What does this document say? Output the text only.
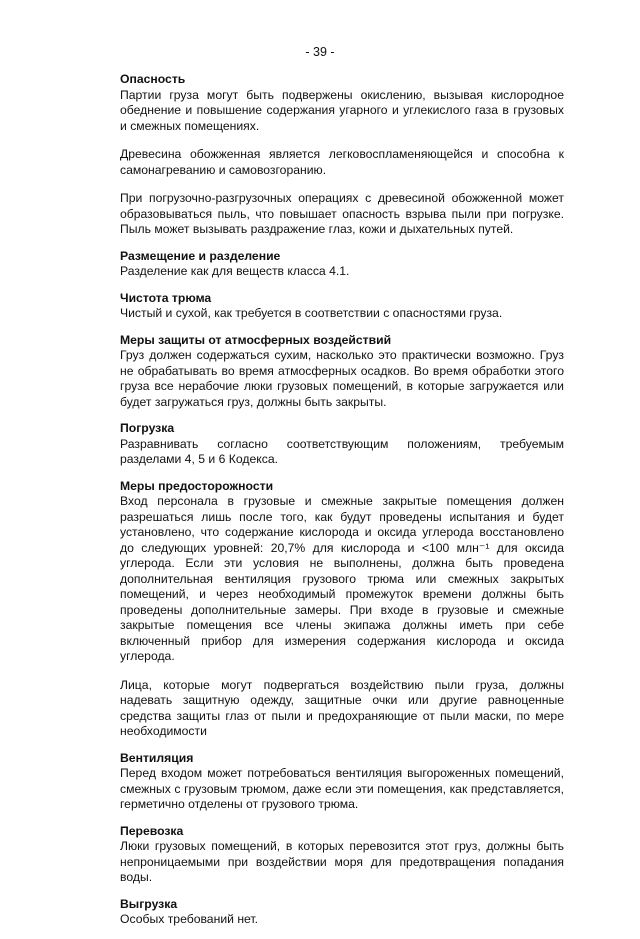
- 39 -
Опасность

Партии груза могут быть подвержены окислению, вызывая кислородное обеднение и повышение содержания угарного и углекислого газа в грузовых и смежных помещениях.

Древесина обожженная является легковоспламеняющейся и способна к самонагреванию и самовозгоранию.

При погрузочно-разгрузочных операциях с древесиной обожженной может образовываться пыль, что повышает опасность взрыва пыли при погрузке. Пыль может вызывать раздражение глаз, кожи и дыхательных путей.

Размещение и разделение

Разделение как для веществ класса 4.1.

Чистота трюма

Чистый и сухой, как требуется в соответствии с опасностями груза.

Меры защиты от атмосферных воздействий

Груз должен содержаться сухим, насколько это практически возможно. Груз не обрабатывать во время атмосферных осадков. Во время обработки этого груза все нерабочие люки грузовых помещений, в которые загружается или будет загружаться груз, должны быть закрыты.

Погрузка

Разравнивать согласно соответствующим положениям, требуемым разделами 4, 5 и 6 Кодекса.

Меры предосторожности

Вход персонала в грузовые и смежные закрытые помещения должен разрешаться лишь после того, как будут проведены испытания и будет установлено, что содержание кислорода и оксида углерода восстановлено до следующих уровней: 20,7% для кислорода и <100 млн⁻¹ для оксида углерода. Если эти условия не выполнены, должна быть проведена дополнительная вентиляция грузового трюма или смежных закрытых помещений, и через необходимый промежуток времени должны быть проведены дополнительные замеры. При входе в грузовые и смежные закрытые помещения все члены экипажа должны иметь при себе включенный прибор для измерения содержания кислорода и оксида углерода.

Лица, которые могут подвергаться воздействию пыли груза, должны надевать защитную одежду, защитные очки или другие равноценные средства защиты глаз от пыли и предохраняющие от пыли маски, по мере необходимости

Вентиляция

Перед входом может потребоваться вентиляция выгороженных помещений, смежных с грузовым трюмом, даже если эти помещения, как представляется, герметично отделены от грузового трюма.

Перевозка

Люки грузовых помещений, в которых перевозится этот груз, должны быть непроницаемыми при воздействии моря для предотвращения попадания воды.

Выгрузка

Особых требований нет.
